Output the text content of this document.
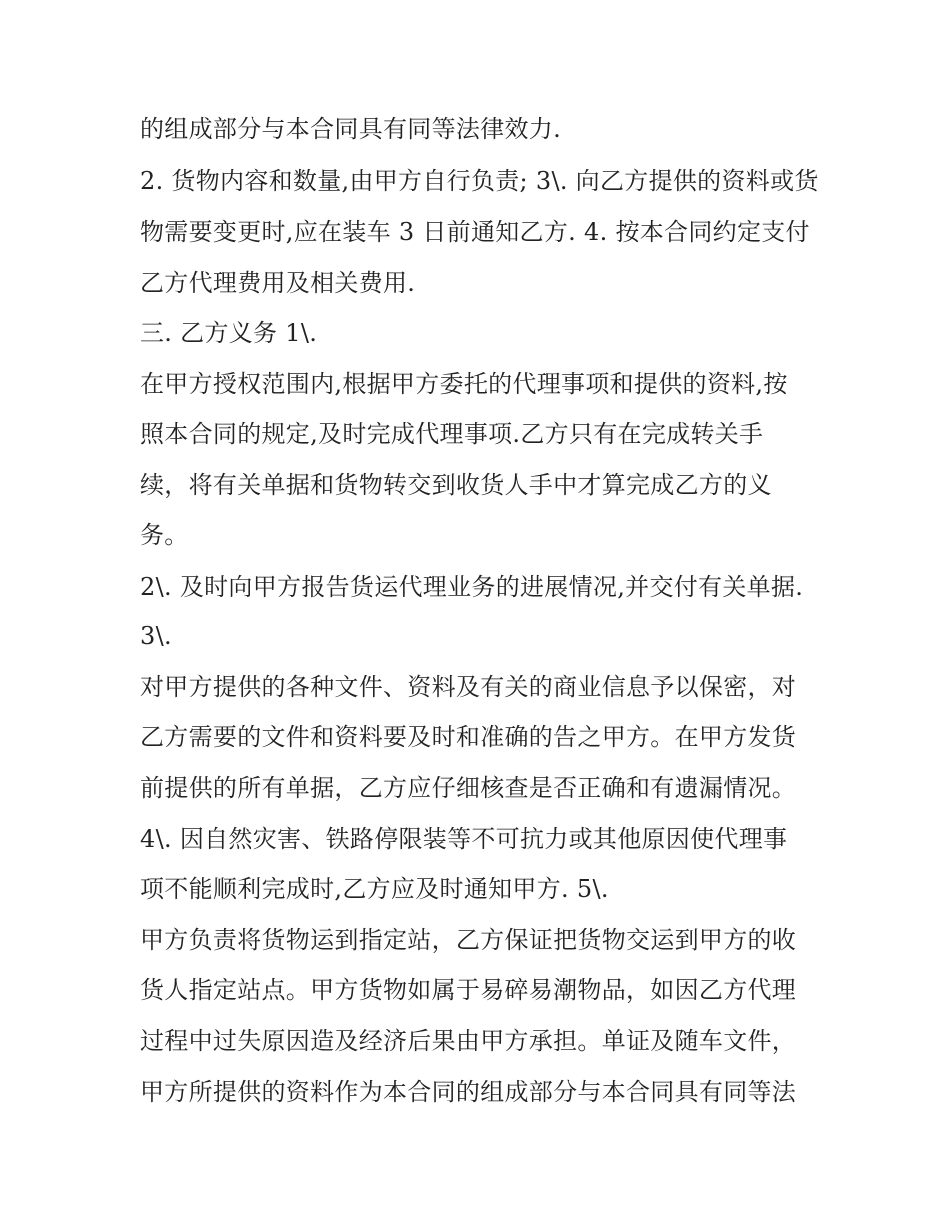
的组成部分与本合同具有同等法律效力.
2. 货物内容和数量,由甲方自行负责; 3\. 向乙方提供的资料或货
物需要变更时,应在装车 3 日前通知乙方. 4. 按本合同约定支付
乙方代理费用及相关费用.
三. 乙方义务 1\.
在甲方授权范围内,根据甲方委托的代理事项和提供的资料,按
照本合同的规定,及时完成代理事项.乙方只有在完成转关手
续，将有关单据和货物转交到收货人手中才算完成乙方的义
务。
2\. 及时向甲方报告货运代理业务的进展情况,并交付有关单据.
3\.
对甲方提供的各种文件、资料及有关的商业信息予以保密，对
乙方需要的文件和资料要及时和准确的告之甲方。在甲方发货
前提供的所有单据，乙方应仔细核查是否正确和有遗漏情况。
4\. 因自然灾害、铁路停限装等不可抗力或其他原因使代理事
项不能顺利完成时,乙方应及时通知甲方. 5\.
甲方负责将货物运到指定站，乙方保证把货物交运到甲方的收
货人指定站点。甲方货物如属于易碎易潮物品，如因乙方代理
过程中过失原因造及经济后果由甲方承担。单证及随车文件，
甲方所提供的资料作为本合同的组成部分与本合同具有同等法
